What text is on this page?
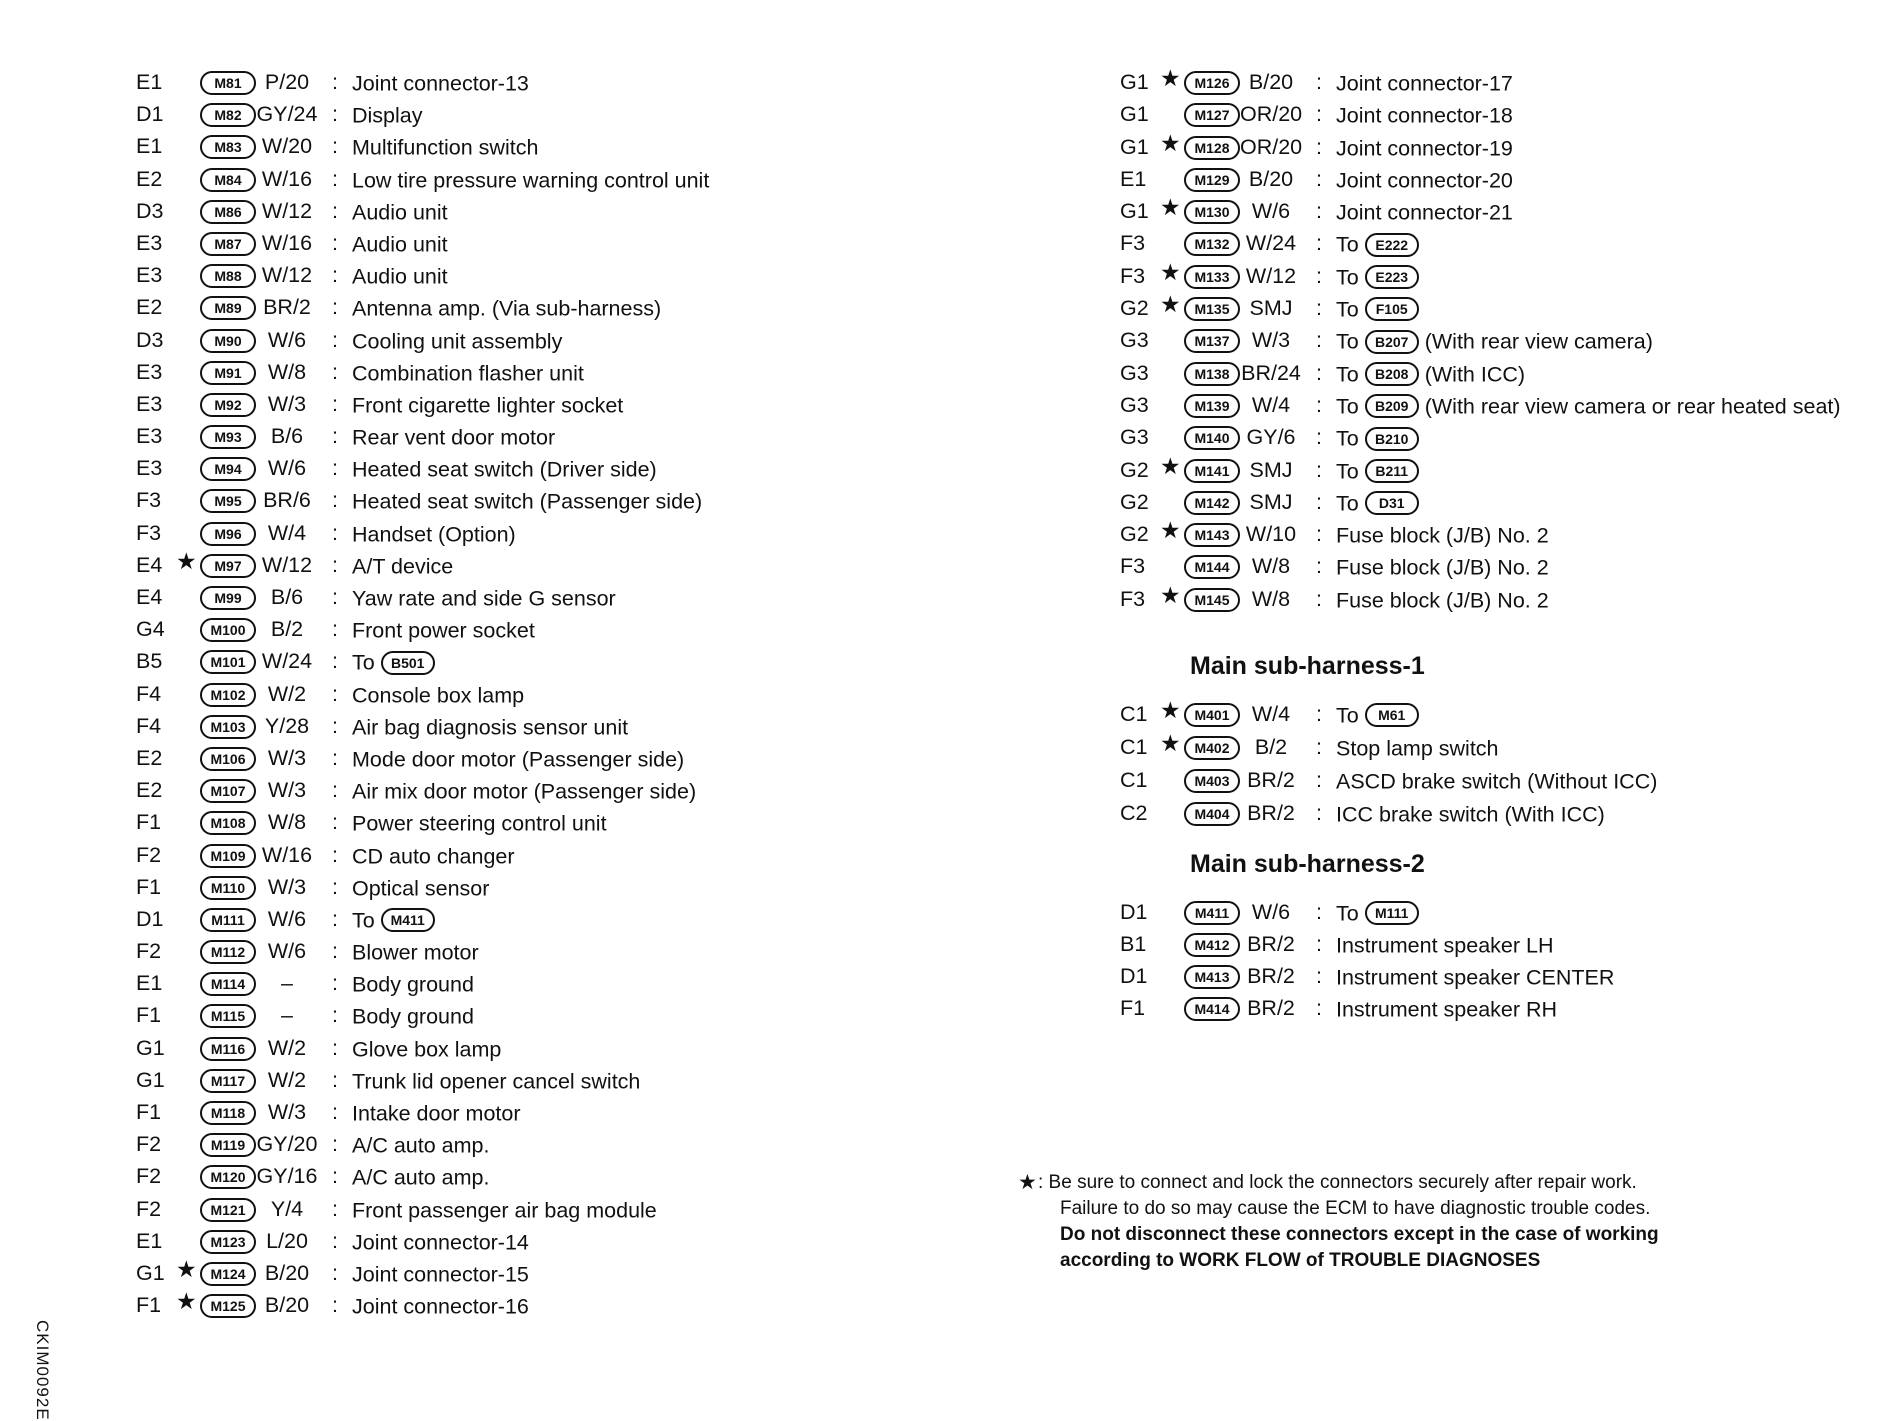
E1	M81	P/20	: Joint connector-13
D1	M82 GY/24 : Display
E1	M83 W/20 : Multifunction switch
E2	M84 W/16 : Low tire pressure warning control unit
D3	M86 W/12 : Audio unit
E3	M87 W/16 : Audio unit
E3	M88 W/12 : Audio unit
E2	M89 BR/2 : Antenna amp. (Via sub-harness)
D3	M90	W/6	: Cooling unit assembly
E3	M91	W/8	: Combination flasher unit
E3	M92	W/3	: Front cigarette lighter socket
E3	M93	B/6	: Rear vent door motor
E3	M94	W/6	: Heated seat switch (Driver side)
F3	M95 BR/6 : Heated seat switch (Passenger side)
F3	M96	W/4	: Handset (Option)
E4 ★	M97 W/12 : A/T device
E4	M99	B/6	: Yaw rate and side G sensor
G4	M100	B/2	: Front power socket
B5	M101 W/24 : To B501
F4	M102	W/2	: Console box lamp
F4	M103 Y/28	: Air bag diagnosis sensor unit
E2	M106	W/3	: Mode door motor (Passenger side)
E2	M107	W/3	: Air mix door motor (Passenger side)
F1	M108	W/8	: Power steering control unit
F2	M109 W/16 : CD auto changer
F1	M110	W/3	: Optical sensor
D1	M111	W/6	: To M411
F2	M112	W/6	: Blower motor
E1	M114	–	: Body ground
F1	M115	–	: Body ground
G1	M116	W/2	: Glove box lamp
G1	M117	W/2	: Trunk lid opener cancel switch
F1	M118	W/3	: Intake door motor
F2	M119 GY/20 : A/C auto amp.
F2	M120 GY/16 : A/C auto amp.
F2	M121	Y/4	: Front passenger air bag module
E1	M123 L/20	: Joint connector-14
G1 ★ M124 B/20	: Joint connector-15
F1 ★ M125 B/20	: Joint connector-16
G1 ★ M126 B/20	: Joint connector-17
G1	M127 OR/20 : Joint connector-18
G1 ★ M128 OR/20 : Joint connector-19
E1	M129 B/20	: Joint connector-20
G1 ★ M130	W/6	: Joint connector-21
F3	M132 W/24 : To E222
F3 ★ M133 W/12 : To E223
G2 ★ M135 SMJ	: To F105
G3	M137	W/3	: To B207 (With rear view camera)
G3	M138 BR/24 : To B208 (With ICC)
G3	M139	W/4	: To B209 (With rear view camera or rear heated seat)
G3	M140 GY/6 : To B210
G2 ★ M141 SMJ	: To B211
G2	M142 SMJ	: To D31
G2 ★ M143 W/10 : Fuse block (J/B) No. 2
F3	M144	W/8	: Fuse block (J/B) No. 2
F3 ★ M145	W/8	: Fuse block (J/B) No. 2
Main sub-harness-1
C1 ★ M401	W/4	: To M61
C1 ★ M402	B/2	: Stop lamp switch
C1	M403 BR/2 : ASCD brake switch (Without ICC)
C2	M404 BR/2 : ICC brake switch (With ICC)
Main sub-harness-2
D1	M411	W/6	: To M111
B1	M412 BR/2 : Instrument speaker LH
D1	M413 BR/2 : Instrument speaker CENTER
F1	M414 BR/2 : Instrument speaker RH
★ : Be sure to connect and lock the connectors securely after repair work.
Failure to do so may cause the ECM to have diagnostic trouble codes.
Do not disconnect these connectors except in the case of working
according to WORK FLOW of TROUBLE DIAGNOSES
CKIM0092E
